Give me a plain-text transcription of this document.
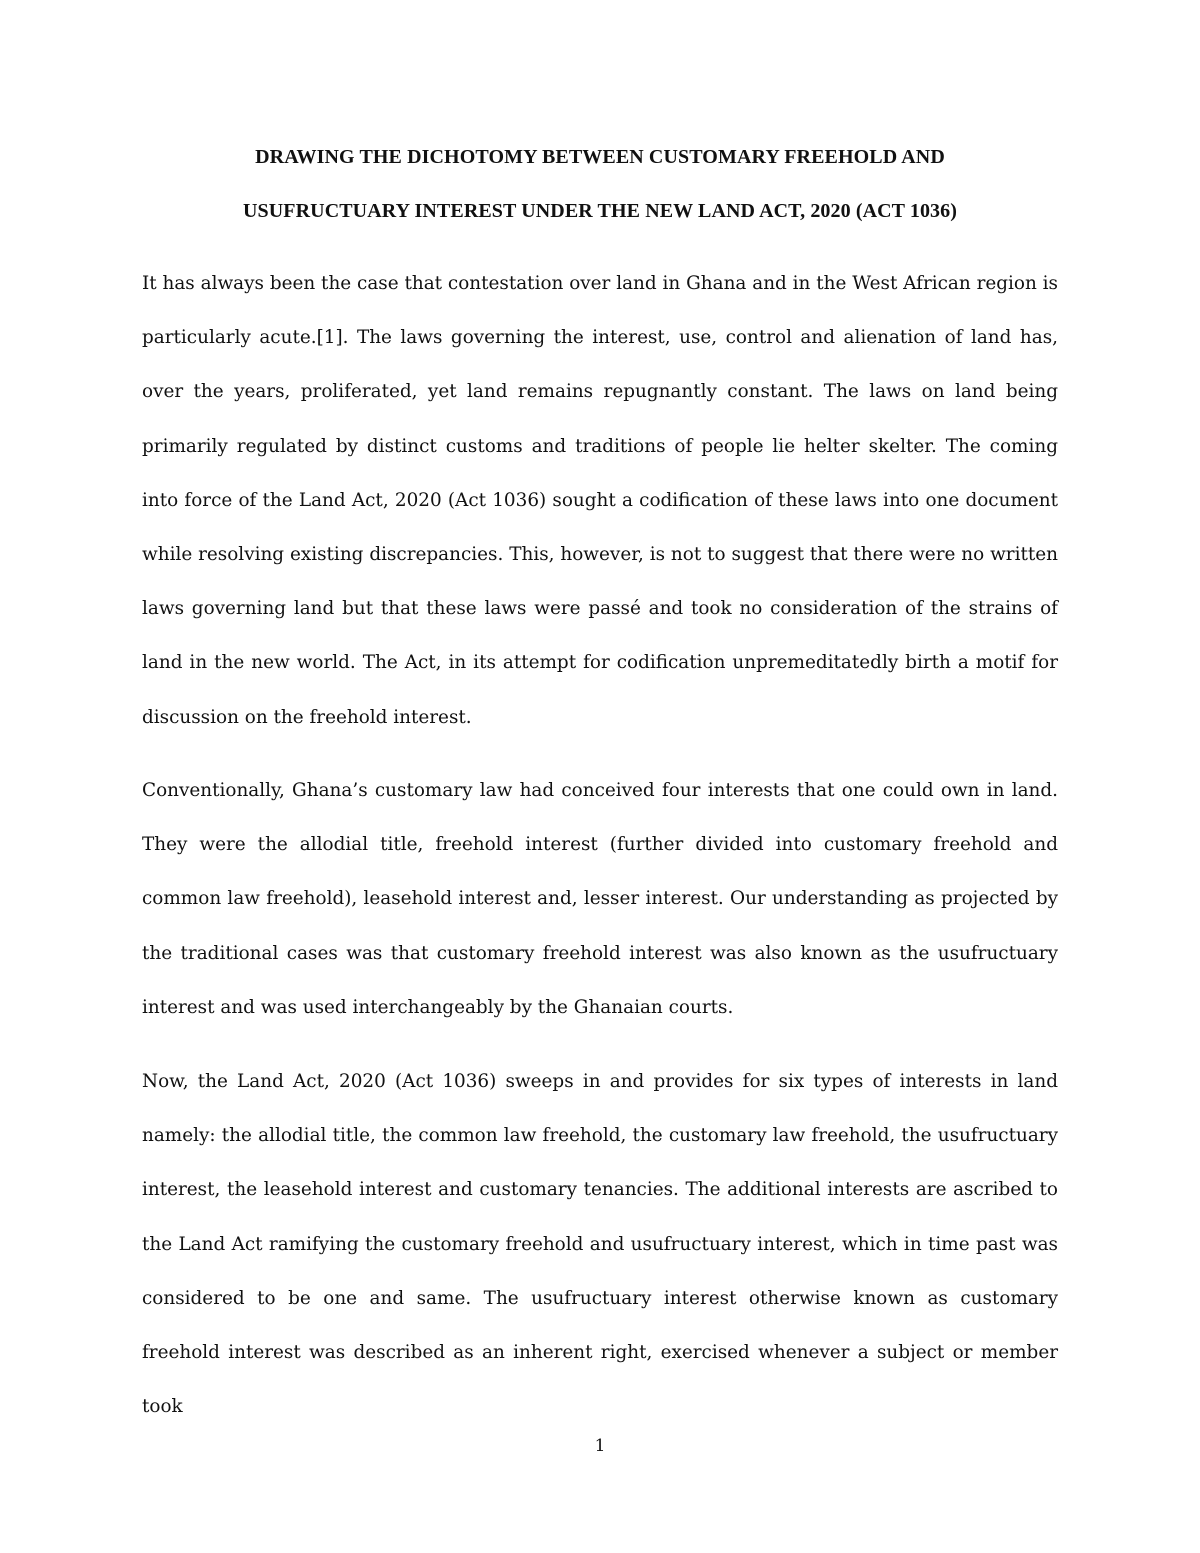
DRAWING THE DICHOTOMY BETWEEN CUSTOMARY FREEHOLD AND
USUFRUCTUARY INTEREST UNDER THE NEW LAND ACT, 2020 (ACT 1036)

It has always been the case that contestation over land in Ghana and in the West African region is particularly acute.[1]. The laws governing the interest, use, control and alienation of land has, over the years, proliferated, yet land remains repugnantly constant. The laws on land being primarily regulated by distinct customs and traditions of people lie helter skelter. The coming into force of the Land Act, 2020 (Act 1036) sought a codification of these laws into one document while resolving existing discrepancies. This, however, is not to suggest that there were no written laws governing land but that these laws were passé and took no consideration of the strains of land in the new world. The Act, in its attempt for codification unpremeditatedly birth a motif for discussion on the freehold interest.

Conventionally, Ghana’s customary law had conceived four interests that one could own in land. They were the allodial title, freehold interest (further divided into customary freehold and common law freehold), leasehold interest and, lesser interest. Our understanding as projected by the traditional cases was that customary freehold interest was also known as the usufructuary interest and was used interchangeably by the Ghanaian courts.

Now, the Land Act, 2020 (Act 1036) sweeps in and provides for six types of interests in land namely: the allodial title, the common law freehold, the customary law freehold, the usufructuary interest, the leasehold interest and customary tenancies. The additional interests are ascribed to the Land Act ramifying the customary freehold and usufructuary interest, which in time past was considered to be one and same. The usufructuary interest otherwise known as customary freehold interest was described as an inherent right, exercised whenever a subject or member took

1
